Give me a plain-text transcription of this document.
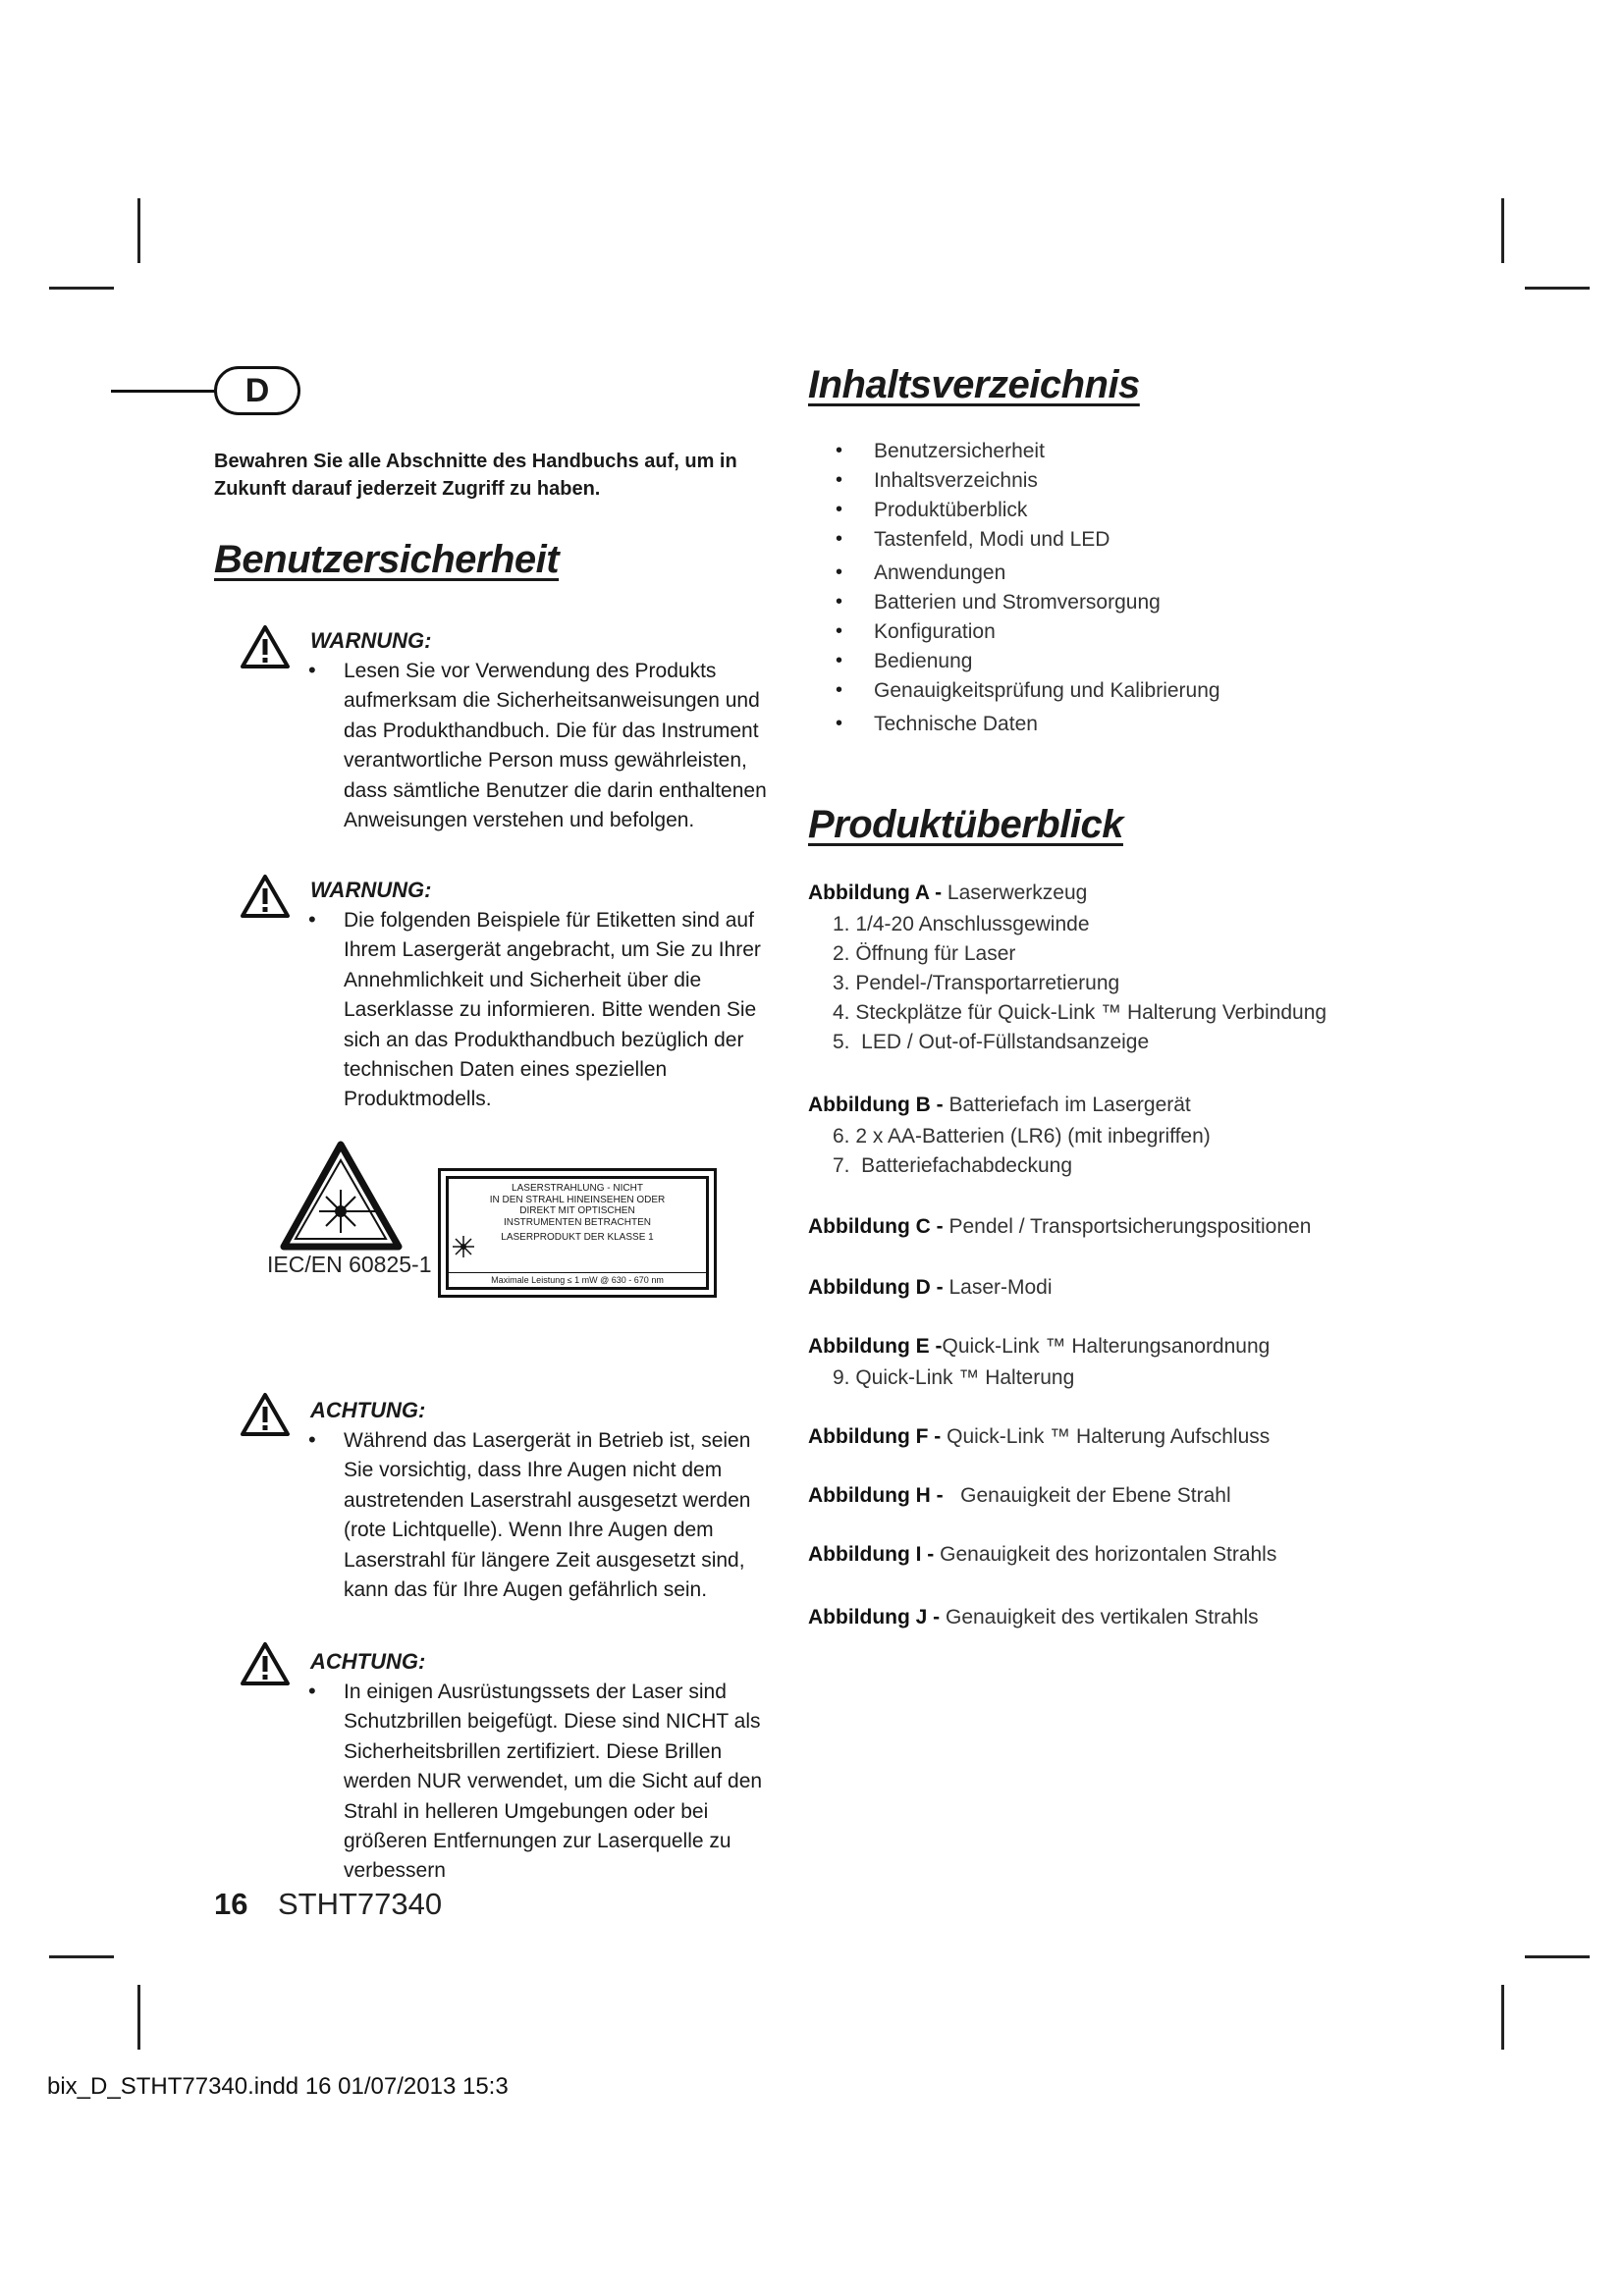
D
Bewahren Sie alle Abschnitte des Handbuchs auf, um in Zukunft darauf jederzeit Zugriff zu haben.
Benutzersicherheit
WARNUNG:
• Lesen Sie vor Verwendung des Produkts aufmerksam die Sicherheitsanweisungen und das Produkthandbuch. Die für das Instrument verantwortliche Person muss gewährleisten, dass sämtliche Benutzer die darin enthaltenen Anweisungen verstehen und befolgen.
WARNUNG:
• Die folgenden Beispiele für Etiketten sind auf Ihrem Lasergerät angebracht, um Sie zu Ihrer Annehmlichkeit und Sicherheit über die Laserklasse zu informieren. Bitte wenden Sie sich an das Produkthandbuch bezüglich der technischen Daten eines speziellen Produktmodells.
IEC/EN 60825-1
LASERSTRAHLUNG - NICHT
IN DEN STRAHL HINEINSEHEN ODER
DIREKT MIT OPTISCHEN
INSTRUMENTEN BETRACHTEN
LASERPRODUKT DER KLASSE 1
Maximale Leistung ≤ 1 mW @ 630 - 670 nm
ACHTUNG:
• Während das Lasergerät in Betrieb ist, seien Sie vorsichtig, dass Ihre Augen nicht dem austretenden Laserstrahl ausgesetzt werden (rote Lichtquelle). Wenn Ihre Augen dem Laserstrahl für längere Zeit ausgesetzt sind, kann das für Ihre Augen gefährlich sein.
ACHTUNG:
• In einigen Ausrüstungssets der Laser sind Schutzbrillen beigefügt. Diese sind NICHT als Sicherheitsbrillen zertifiziert. Diese Brillen werden NUR verwendet, um die Sicht auf den Strahl in helleren Umgebungen oder bei größeren Entfernungen zur Laserquelle zu verbessern
Inhaltsverzeichnis
• Benutzersicherheit
• Inhaltsverzeichnis
• Produktüberblick
• Tastenfeld, Modi und LED
• Anwendungen
• Batterien und Stromversorgung
• Konfiguration
• Bedienung
• Genauigkeitsprüfung und Kalibrierung
• Technische Daten
Produktüberblick
Abbildung A - Laserwerkzeug
Abbildung B - Batteriefach im Lasergerät
Abbildung C - Pendel / Transportsicherungspositionen
Abbildung D - Laser-Modi
Abbildung E -Quick-Link ™ Halterungsanordnung
Abbildung F - Quick-Link ™ Halterung Aufschluss
Abbildung H -   Genauigkeit der Ebene Strahl
Abbildung I - Genauigkeit des horizontalen Strahls
Abbildung J - Genauigkeit des vertikalen Strahls
1. 1/4-20 Anschlussgewinde
2. Öffnung für Laser
3. Pendel-/Transportarretierung
4. Steckplätze für Quick-Link ™ Halterung Verbindung
5.  LED / Out-of-Füllstandsanzeige
6. 2 x AA-Batterien (LR6) (mit inbegriffen)
7.  Batteriefachabdeckung
9. Quick-Link ™ Halterung
16 STHT77340
bix_D_STHT77340.indd 16 01/07/2013 15:3
